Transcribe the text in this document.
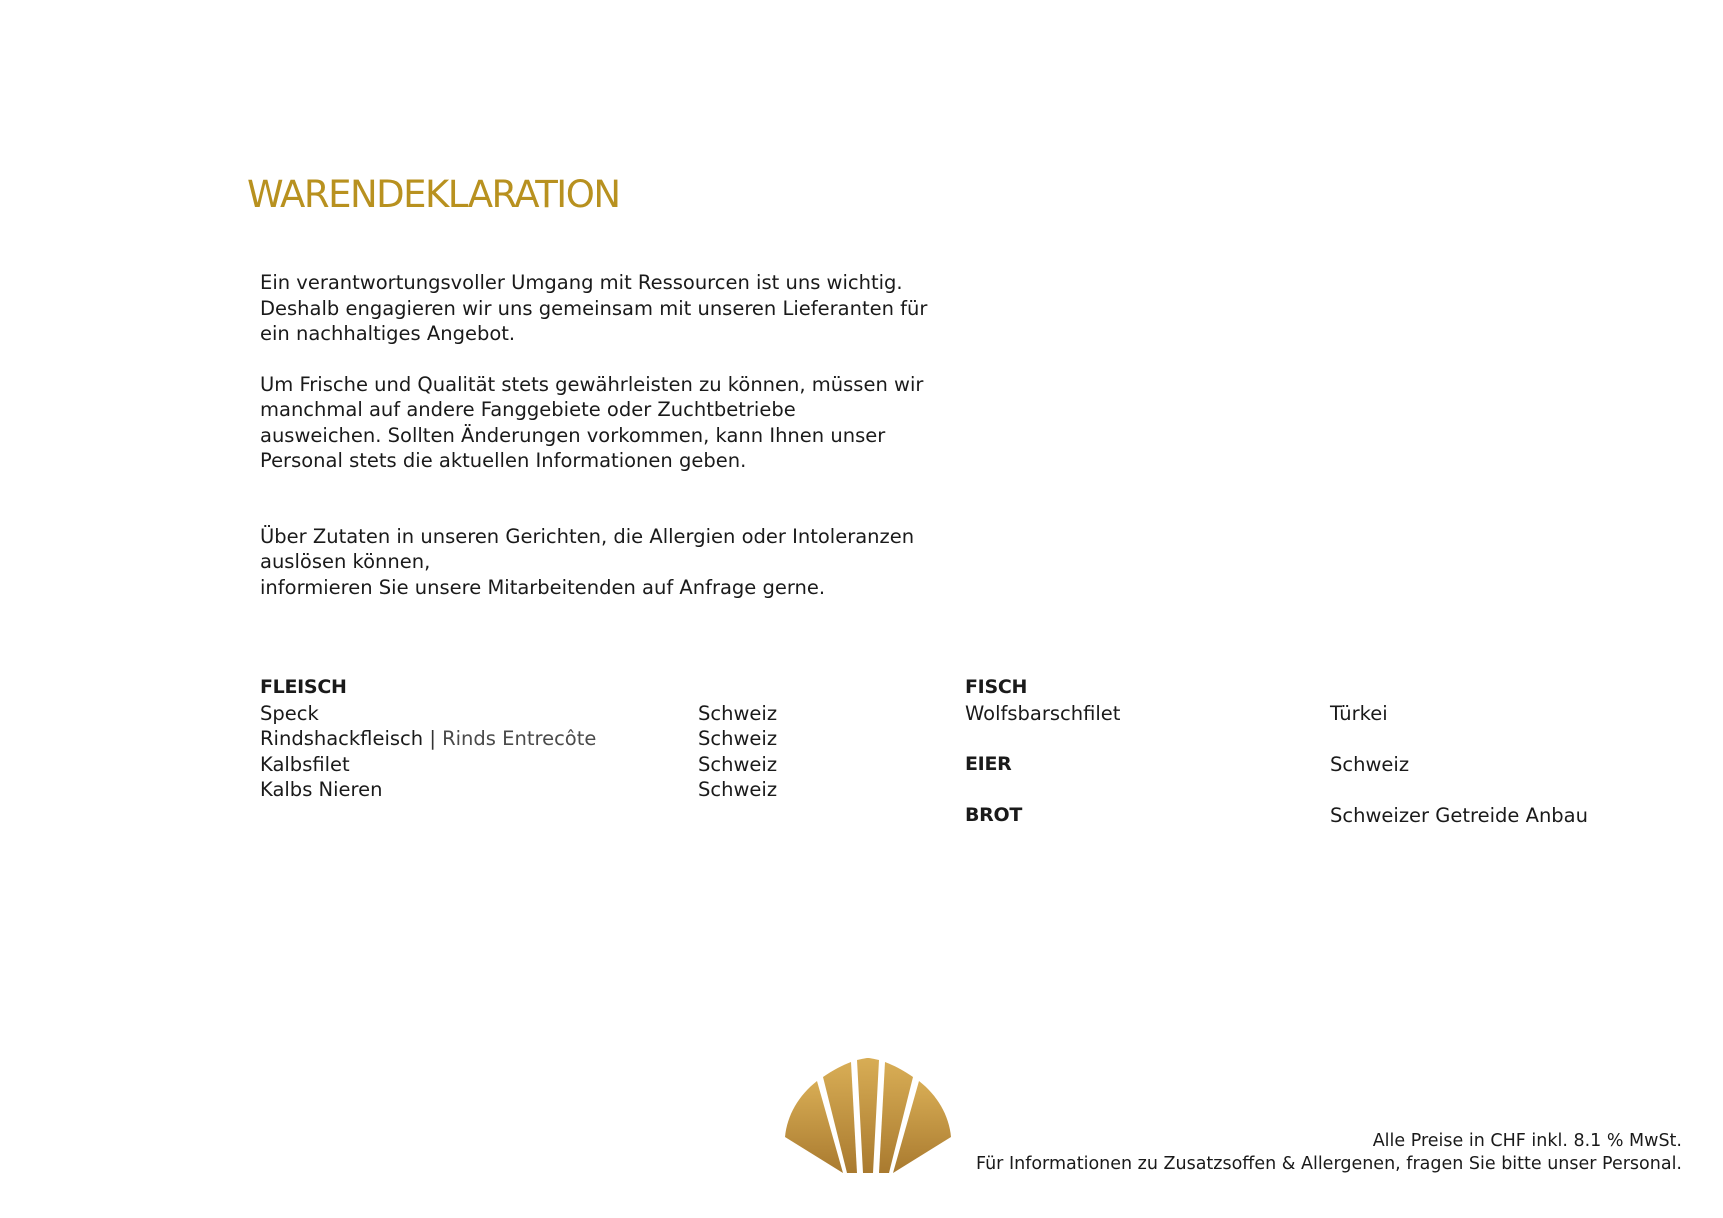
WARENDEKLARATION

Ein verantwortungsvoller Umgang mit Ressourcen ist uns wichtig.
Deshalb engagieren wir uns gemeinsam mit unseren Lieferanten für
ein nachhaltiges Angebot.

Um Frische und Qualität stets gewährleisten zu können, müssen wir
manchmal auf andere Fanggebiete oder Zuchtbetriebe
ausweichen. Sollten Änderungen vorkommen, kann Ihnen unser
Personal stets die aktuellen Informationen geben.

Über Zutaten in unseren Gerichten, die Allergien oder Intoleranzen
auslösen können,
informieren Sie unsere Mitarbeitenden auf Anfrage gerne.

FLEISCH
Speck	Schweiz
Rindshackfleisch | Rinds Entrecôte	Schweiz
Kalbsfilet	Schweiz
Kalbs Nieren	Schweiz
FISCH
Wolfsbarschfilet	Türkei
EIER	Schweiz
BROT	Schweizer Getreide Anbau
Alle Preise in CHF inkl. 8.1 % MwSt.
Für Informationen zu Zusatzsoffen & Allergenen, fragen Sie bitte unser Personal.
